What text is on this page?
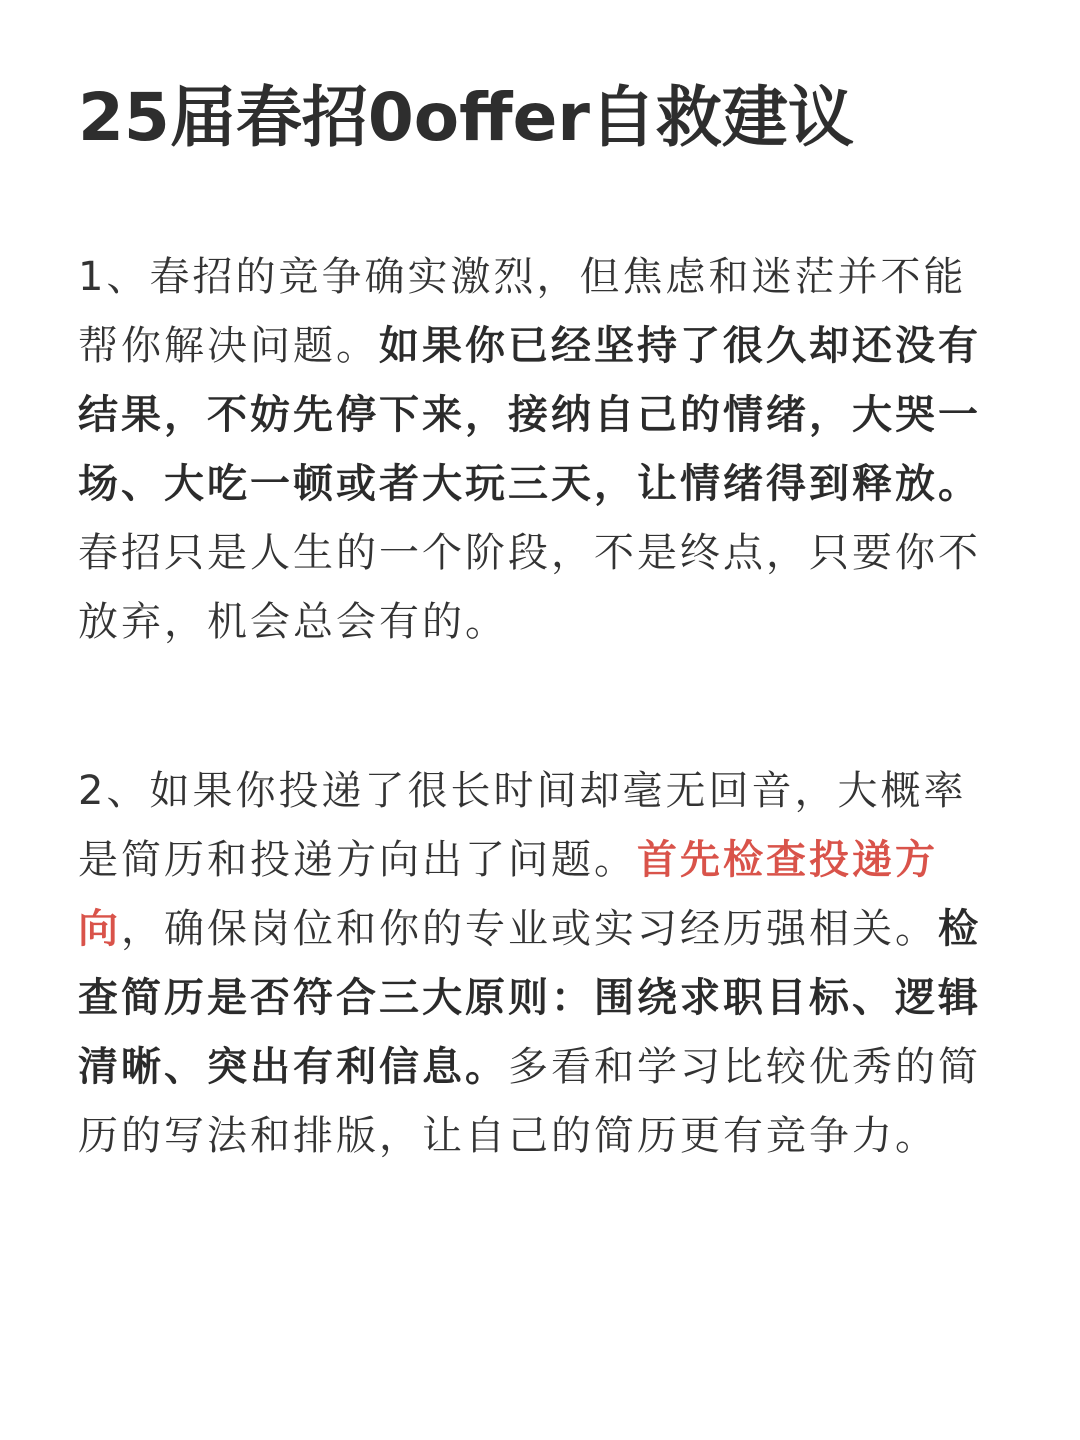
25届春招0offer自救建议

1、春招的竞争确实激烈，但焦虑和迷茫并不能帮你解决问题。如果你已经坚持了很久却还没有结果，不妨先停下来，接纳自己的情绪，大哭一场、大吃一顿或者大玩三天，让情绪得到释放。春招只是人生的一个阶段，不是终点，只要你不放弃，机会总会有的。

2、如果你投递了很长时间却毫无回音，大概率是简历和投递方向出了问题。首先检查投递方向，确保岗位和你的专业或实习经历强相关。检查简历是否符合三大原则：围绕求职目标、逻辑清晰、突出有利信息。多看和学习比较优秀的简历的写法和排版，让自己的简历更有竞争力。
